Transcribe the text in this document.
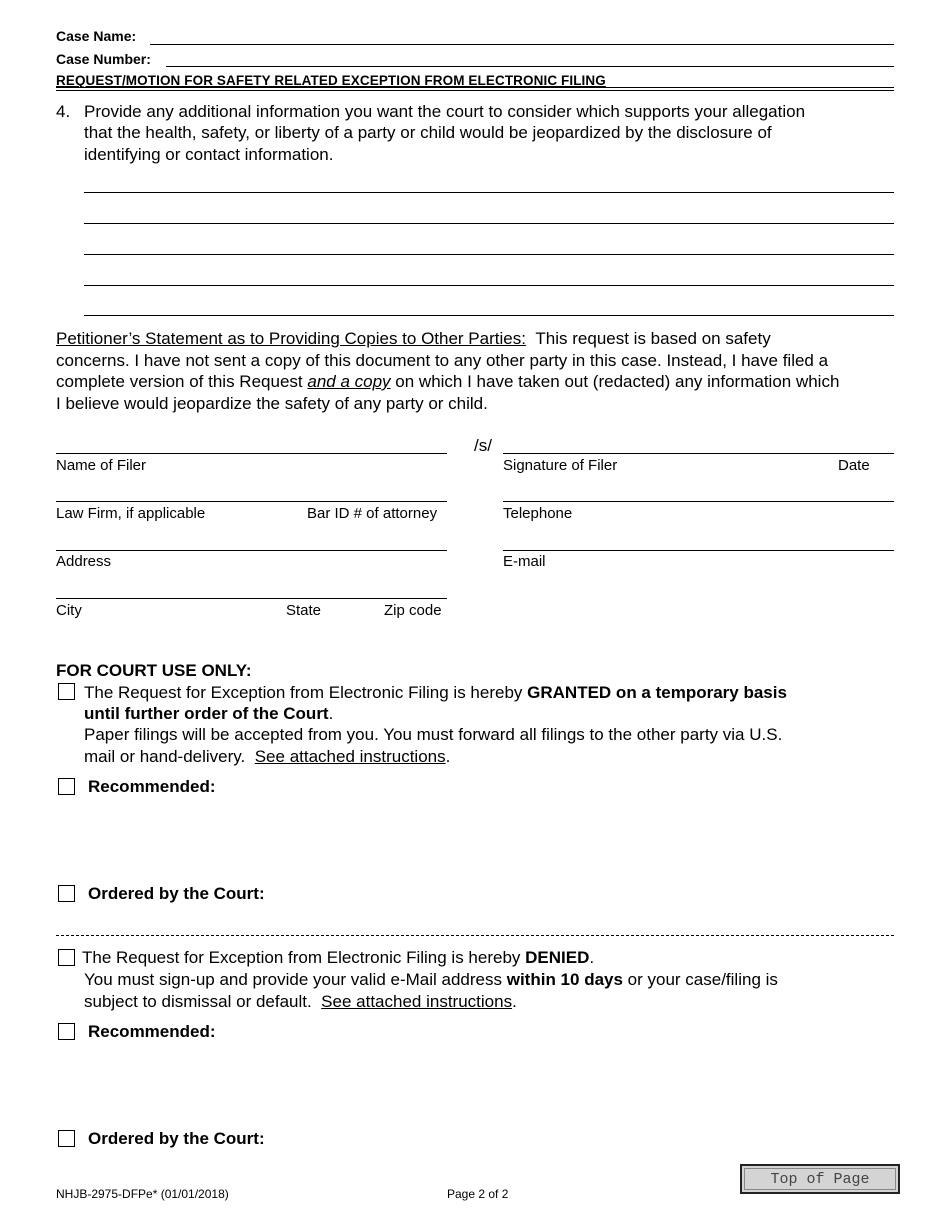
Case Name:
Case Number:
REQUEST/MOTION FOR SAFETY RELATED EXCEPTION FROM ELECTRONIC FILING
4. Provide any additional information you want the court to consider which supports your allegation
that the health, safety, or liberty of a party or child would be jeopardized by the disclosure of
identifying or contact information.
Petitioner’s Statement as to Providing Copies to Other Parties: This request is based on safety
concerns. I have not sent a copy of this document to any other party in this case. Instead, I have filed a
complete version of this Request and a copy on which I have taken out (redacted) any information which
I believe would jeopardize the safety of any party or child.
/s/
Name of Filer	Signature of Filer	Date
Law Firm, if applicable	Bar ID # of attorney	Telephone
Address	E-mail
City	State	Zip code
FOR COURT USE ONLY:
The Request for Exception from Electronic Filing is hereby GRANTED on a temporary basis
until further order of the Court.
Paper filings will be accepted from you. You must forward all filings to the other party via U.S.
mail or hand-delivery. See attached instructions.
Recommended:
Ordered by the Court:
The Request for Exception from Electronic Filing is hereby DENIED.
You must sign-up and provide your valid e-Mail address within 10 days or your case/filing is
subject to dismissal or default. See attached instructions.
Recommended:
Ordered by the Court:
NHJB-2975-DFPe* (01/01/2018)	Page 2 of 2
Top of Page
